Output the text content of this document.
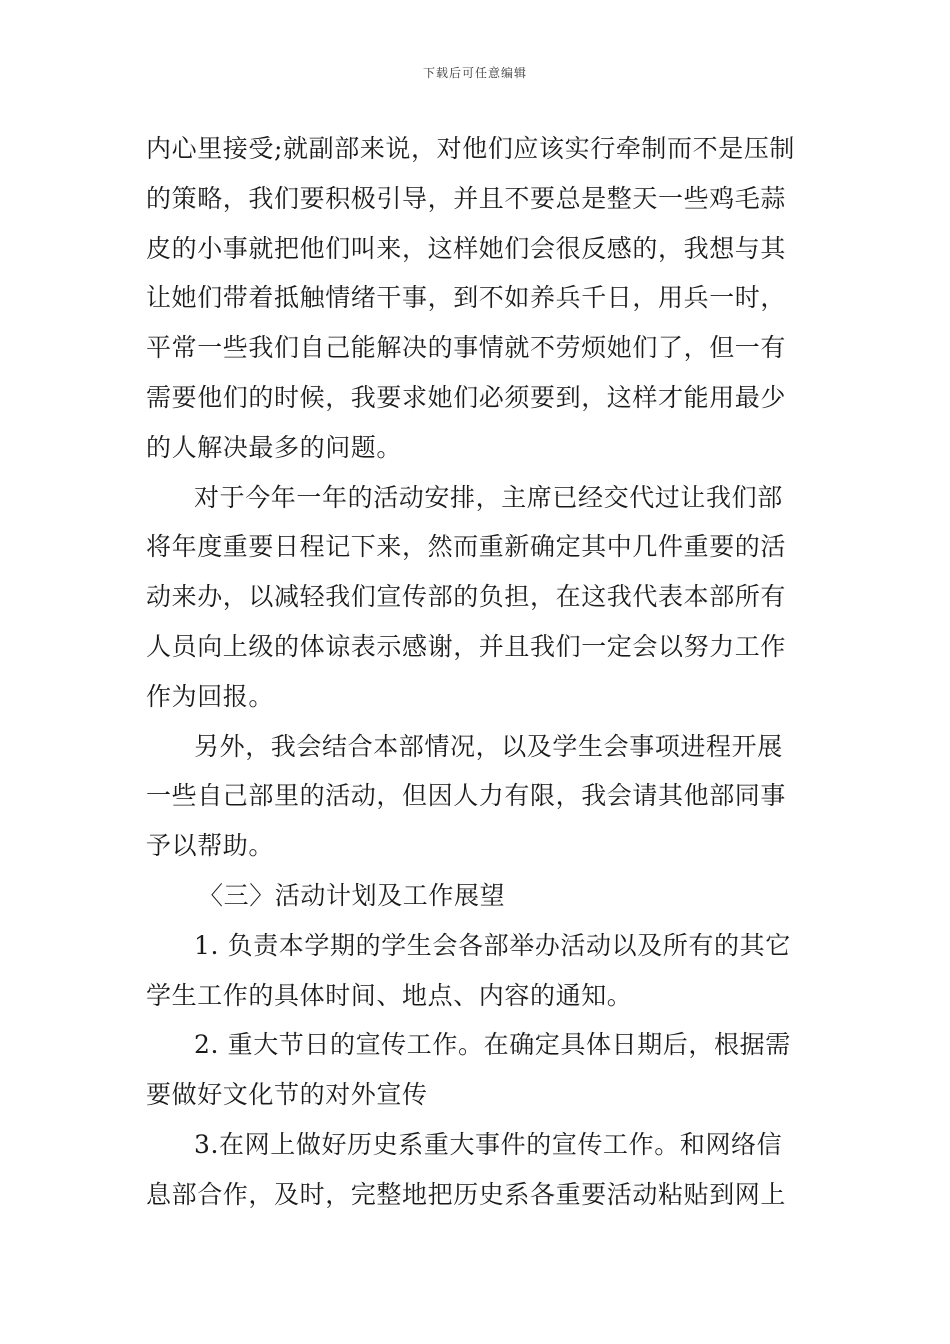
下载后可任意编辑
内心里接受;就副部来说，对他们应该实行牵制而不是压制
的策略，我们要积极引导，并且不要总是整天一些鸡毛蒜
皮的小事就把他们叫来，这样她们会很反感的，我想与其
让她们带着抵触情绪干事，到不如养兵千日，用兵一时，
平常一些我们自己能解决的事情就不劳烦她们了，但一有
需要他们的时候，我要求她们必须要到，这样才能用最少
的人解决最多的问题。
对于今年一年的活动安排，主席已经交代过让我们部
将年度重要日程记下来，然而重新确定其中几件重要的活
动来办，以减轻我们宣传部的负担，在这我代表本部所有
人员向上级的体谅表示感谢，并且我们一定会以努力工作
作为回报。
另外，我会结合本部情况，以及学生会事项进程开展
一些自己部里的活动，但因人力有限，我会请其他部同事
予以帮助。
〈三〉活动计划及工作展望
1. 负责本学期的学生会各部举办活动以及所有的其它
学生工作的具体时间、地点、内容的通知。
2. 重大节日的宣传工作。在确定具体日期后，根据需
要做好文化节的对外宣传
3.在网上做好历史系重大事件的宣传工作。和网络信
息部合作，及时，完整地把历史系各重要活动粘贴到网上
